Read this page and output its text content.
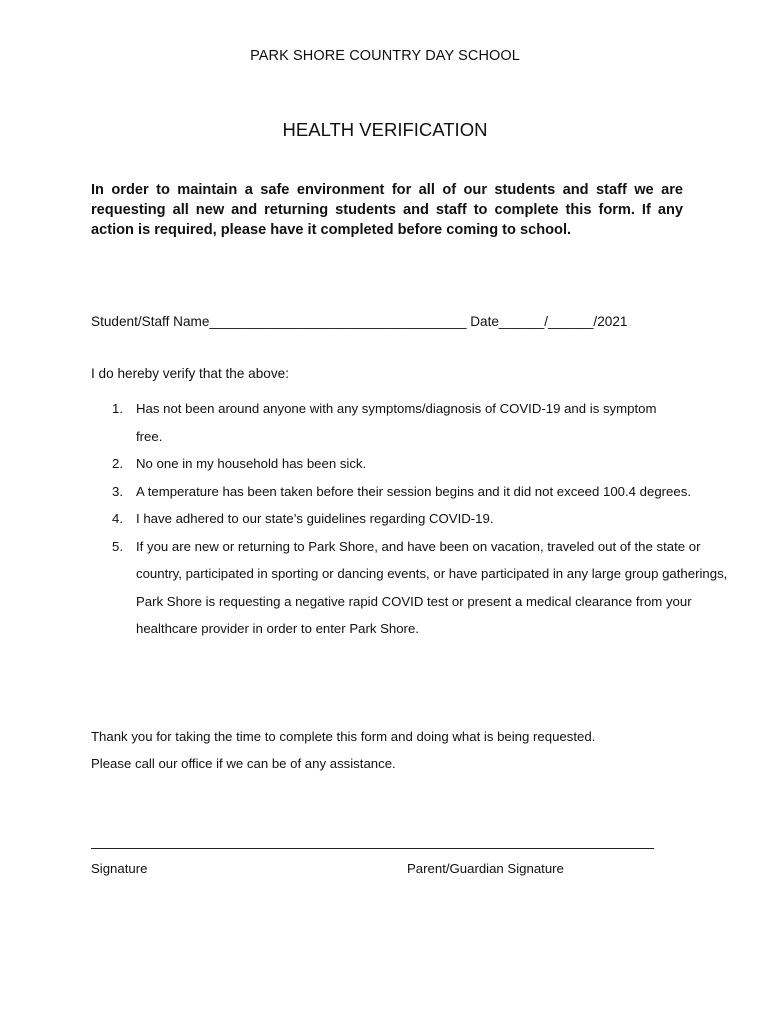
PARK SHORE COUNTRY DAY SCHOOL
HEALTH VERIFICATION
In order to maintain a safe environment for all of our students and staff we are requesting all new and returning students and staff to complete this form. If any action is required, please have it completed before coming to school.
Student/Staff Name__________________________________ Date______/______/2021
I do hereby verify that the above:
1. Has not been around anyone with any symptoms/diagnosis of COVID-19 and is symptom free.
2. No one in my household has been sick.
3. A temperature has been taken before their session begins and it did not exceed 100.4 degrees.
4. I have adhered to our state’s guidelines regarding COVID-19.
5. If you are new or returning to Park Shore, and have been on vacation, traveled out of the state or country, participated in sporting or dancing events, or have participated in any large group gatherings, Park Shore is requesting a negative rapid COVID test or present a medical clearance from your healthcare provider in order to enter Park Shore.
Thank you for taking the time to complete this form and doing what is being requested.
Please call our office if we can be of any assistance.
Signature	Parent/Guardian Signature
